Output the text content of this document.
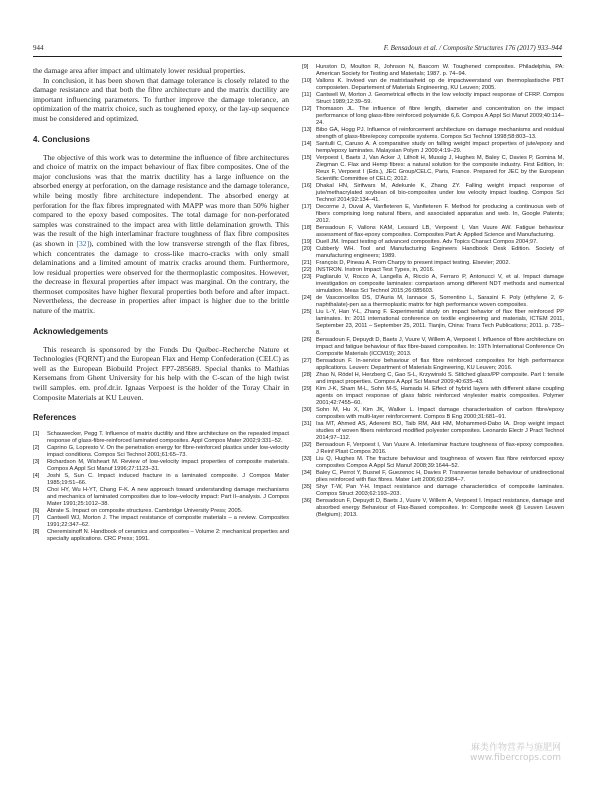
944	F. Bensadoun et al. / Composite Structures 176 (2017) 933–944

the damage area after impact and ultimately lower residual properties.

In conclusion, it has been shown that damage tolerance is closely related to the damage resistance and that both the fibre architecture and the matrix ductility are important influencing parameters. To further improve the damage tolerance, an optimization of the matrix choice, such as toughened epoxy, or the lay-up sequence must be considered and optimized.

4. Conclusions

The objective of this work was to determine the influence of fibre architectures and choice of matrix on the impact behaviour of flax fibre composites. One of the major conclusions was that the matrix ductility has a large influence on the absorbed energy at perforation, on the damage resistance and the damage tolerance, while being mostly fibre architecture independent. The absorbed energy at perforation for the flax fibres impregnated with MAPP was more than 50% higher compared to the epoxy based composites. The total damage for non-perforated samples was constrained to the impact area with little delamination growth. This was the result of the high interlaminar fracture toughness of flax fibre composites (as shown in [32]), combined with the low transverse strength of the flax fibres, which concentrates the damage to cross-like macro-cracks with only small delaminations and a limited amount of matrix cracks around them. Furthermore, low residual properties were observed for the thermoplastic composites. However, the decrease in flexural properties after impact was marginal. On the contrary, the thermoset composites have higher flexural properties both before and after impact. Nevertheless, the decrease in properties after impact is higher due to the brittle nature of the matrix.

Acknowledgements

This research is sponsored by the Fonds Du Québec–Recherche Nature et Technologies (FQRNT) and the European Flax and Hemp Confederation (CELC) as well as the European Biobuild Project FP7-285689. Special thanks to Mathias Kersemans from Ghent University for his help with the C-scan of the high twist twill samples. em. prof.dr.ir. Ignaas Verpoest is the holder of the Toray Chair in Composite Materials at KU Leuven.

References
[1]	Schauwecker, Pegg T. Influence of matrix ductility and fibre architecture on the repeated impact response of glass-fibre-reinforced laminated composites. Appl Compos Mater 2002;9:331–52.
[2]	Caprino G, Lopresto V. On the penetration energy for fibre-reinforced plastics under low-velocity impact conditions. Compos Sci Technol 2001;61:65–73.
[3]	Richardson M, Wisheart M. Review of low-velocity impact properties of composite materials. Compos A Appl Sci Manuf 1996;27:1123–31.
[4]	Joshi S, Sun C. Impact induced fracture in a laminated composite. J Compos Mater 1985;19:51–66.
[5]	Choi HY, Wu H-YT, Chang F-K. A new approach toward understanding damage mechanisms and mechanics of laminated composites due to low–velocity impact: Part II–analysis. J Compos Mater 1991;25:1012–38.
[6]	Abrate S. Impact on composite structures. Cambridge University Press; 2005.
[7]	Cantwell WJ, Morton J. The impact resistance of composite materials – a review. Composites 1991;22:347–62.
[8]	Cheremisinoff N. Handbook of ceramics and composites – Volume 2: mechanical properties and specialty applications. CRC Press; 1991.
[9]	Hunston D, Moulton R, Johnson N, Bascom W. Toughened composites. Philadelphia, PA: American Society for Testing and Materials; 1987. p. 74–94.
[10] Vallons K. Invloed van de matrixtaaiheid op de impactweerstand van thermoplastische PBT composieten. Departement of Materials Engineering, KU Leuven; 2005.
[11] Cantwell W, Morton J. Geometrical effects in the low velocity impact response of CFRP. Compos Struct 1989;12:39–59.
[12] Thomason JL. The influence of fibre length, diameter and concentration on the impact performance of long glass-fibre reinforced polyamide 6,6. Compos A Appl Sci Manuf 2009;40:114–24.
[13] Bibo GA, Hogg PJ. Influence of reinforcement architecture on damage mechanisms and residual strength of glass-fibre/epoxy composite systems. Compos Sci Technol 1998;58:803–13.
[14] Santulli C, Caruso A. A comparative study on falling weight impact properties of jute/epoxy and hemp/epoxy laminates. Malaysian Polym J 2009;4:19–29.
[15] Verpoest I, Baets J, Van Acker J, Lilholt H, Mussig J, Hughes M, Baley C, Davies P, Gomina M, Ziegman C. Flax and Hemp fibres: a natural solution for the composite industry. First Edition, In: Reux F, Verpoest I (Eds.), JEC Group/CELC, Paris, France. Prepared for JEC by the European Scientific Committee of CELC; 2012.
[16] Dhakal HN, Sirifwars M, Adekunle K, Zhang ZY. Falling weight impact response of jute/methacrylated soybean oil bio-composites under low velocity impact loading. Compos Sci Technol 2014;92:134–41.
[17] Decorme J, Duval A, Vanfleteren E, Vanfleteren F. Method for producing a continuous web of fibers comprising long natural fibers, and associated apparatus and web. In, Google Patents; 2012.
[18] Bensadoun F, Vallons KAM, Lessard LB, Verpoest I, Van Vuure AW. Fatigue behaviour assessment of flax-epoxy composites. Composites Part A: Applied Science and Manufacturing.
[19] Duell JM. Impact testing of advanced composites. Adv Topics Charact Compos 2004;97.
[20] Cubberly WH. Tool and Manufacturing Engineers Handbook Desk Edition. Society of manufacturing engineers; 1989.
[21] François D, Pineau A. From Charpy to present impact testing. Elsevier; 2002.
[22] INSTRON. Instron Impact Test Types, in, 2016.
[23] Pagliarulo V, Rocco A, Langella A, Riccio A, Ferraro P, Antonucci V, et al. Impact damage investigation on composite laminates: comparison among different NDT methods and numerical simulation. Meas Sci Technol 2015;26:085603.
[24] de Vasconcellos DS, D'Auria M, Iannace S, Sorrentino L, Sarasini F. Poly (ethylene 2, 6-naphthalate)-pen as a thermoplastic matrix for high performance woven composites.
[25] Liu L-Y, Han Y-L, Zhang F. Experimental study on impact behavior of flax fiber reinforced PP laminates. In: 2011 international conference on textile engineering and materials, ICTEM 2011, September 23, 2011 – September 25, 2011. Tianjin, China: Trans Tech Publications; 2011. p. 735–8.
[26] Bensadoun F, Depuydt D, Baets J, Vuure V, Willem A, Verpoest I. Influence of fibre architecture on impact and fatigue behaviour of flax fibre-based composites. In: 19Th International Conference On Composite Materials (ICCM19); 2013.
[27] Bensadoun F. In-service behaviour of flax fibre reinforced composites for high performance applications. Leuven: Department of Materials Engineering, KU Leuven; 2016.
[28] Zhao N, Rödel H, Herzberg C, Gao S-L, Krzywinski S. Stitched glass/PP composite. Part I: tensile and impact properties. Compos A Appl Sci Manuf 2009;40:635–43.
[29] Kim J-K, Sham M-L, Sohn M-S, Hamada H. Effect of hybrid layers with different silane coupling agents on impact response of glass fabric reinforced vinylester matrix composites. Polymer 2001;42:7455–60.
[30] Sohn M, Hu X, Kim JK, Walker L. Impact damage characterisation of carbon fibre/epoxy composites with multi-layer reinforcement. Compos B Eng 2000;31:681–91.
[31] Isa MT, Ahmed AS, Aderemi BO, Taib RM, Akil HM, Mohammed-Dabo IA. Drop weight impact studies of woven fibers reinforced modified polyester composites. Leonardo Electr J Pract Technol 2014;97–112.
[32] Bensadoun F, Verpoest I, Van Vuure A. Interlaminar fracture toughness of flax-epoxy composites. J Reinf Plast Compos 2016.
[33] Liu Q, Hughes M. The fracture behaviour and toughness of woven flax fibre reinforced epoxy composites Compos A Appl Sci Manuf 2008;39:1644–52.
[34] Baley C, Perrot Y, Busnel F, Guezenoc H, Davies P. Transverse tensile behaviour of unidirectional plies reinforced with flax fibres. Mater Lett 2006;60:2984–7.
[35] Shyr T-W, Pan Y-H. Impact resistance and damage characteristics of composite laminates. Compos Struct 2003;62:193–203.
[36] Bensadoun F, Depuydt D, Baets J, Vuure V, Willem A, Verpoest I. Impact resistance, damage and absorbed energy Behaviour of Flax-Based composites. In: Composite week @ Leuven Leuven (Belgium); 2013.
麻类作物营养与施肥网
www.fibercrops.com
